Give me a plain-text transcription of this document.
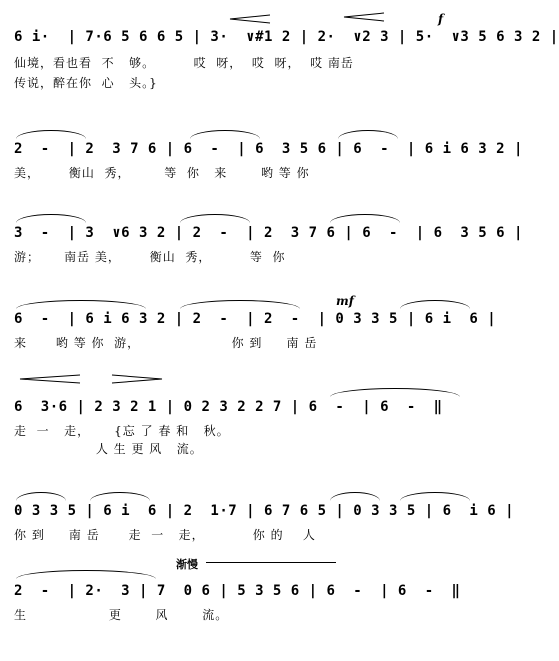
f
6 i·  | 7·6 5 6 6 5 | 3·  ∨#1 2 | 2·  ∨2 3 | 5·  ∨3 5 6 3 2 |
仙境，看也看  不   够。        哎  呀，  哎  呀，  哎 南岳
传说，醉在你  心   头。}
2  -  | 2  3 7 6 | 6  -  | 6  3 5 6 | 6  -  | 6 i 6 3 2 |
美，      衡山  秀，       等  你   来       哟 等 你
3  -  | 3  ∨6 3 2 | 2  -  | 2  3 7 6 | 6  -  | 6  3 5 6 |
游；     南岳 美，      衡山  秀，        等  你
mf
6  -  | 6 i 6 3 2 | 2  -  | 2  -  | 0 3 3 5 | 6 i  6 |
来      哟 等 你  游，                   你 到     南 岳
6  3·6 | 2 3 2 1 | 0 2 3 2 2 7 | 6  -  | 6  -  ‖
走  一   走，     {忘 了 春 和   秋。
人 生 更 风   流。
0 3 3 5 | 6 i  6 | 2  1·7 | 6 7 6 5 | 0 3 3 5 | 6  i 6 |
你 到     南 岳      走  一   走，          你 的    人
渐慢
2  -  | 2·  3 | 7  0 6 | 5 3 5 6 | 6  -  | 6  -  ‖
生                 更       风       流。
